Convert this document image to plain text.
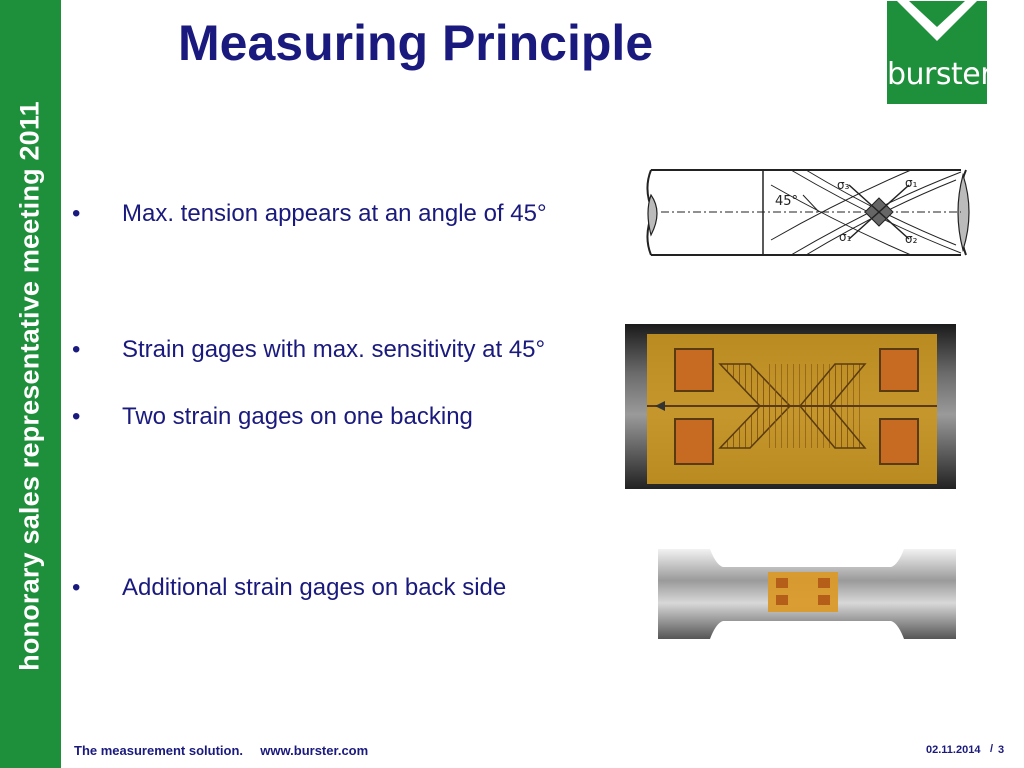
honorary sales representative meeting 2011
Measuring Principle
burster
• Max. tension appears at an angle of 45°
• Strain gages with max. sensitivity at 45°
• Two strain gages on one backing
• Additional strain gages on back side
45°
σ₃	σ₁
σ₁	σ₂
The measurement solution. www.burster.com	02.11.2014 / 3
